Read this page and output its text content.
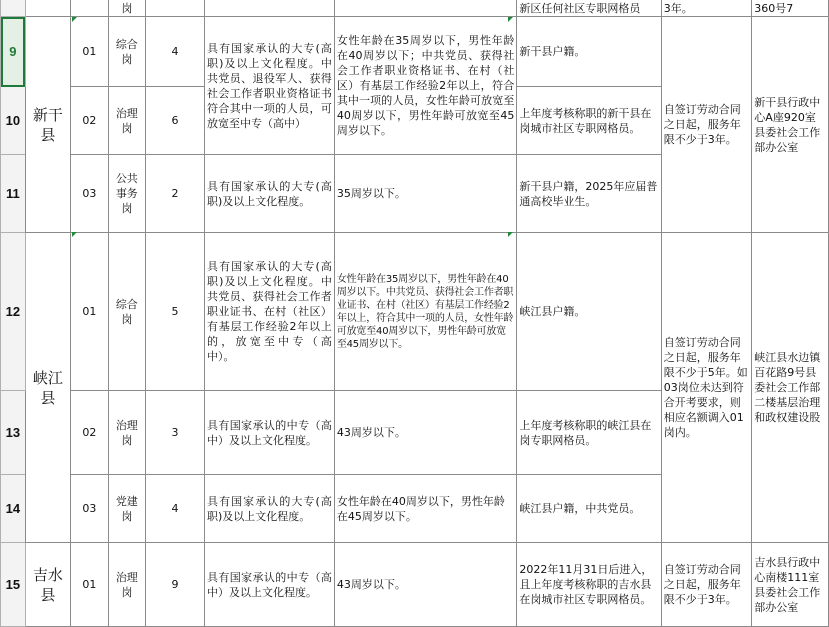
			岗				新区任何社区专职网格员	3年。	360号7

9	新干县	01	综合岗	4	具有国家承认的大专(高职)及以上文化程度。中共党员、退役军人、获得社会工作者职业资格证书符合其中一项的人员，可放宽至中专（高中）	女性年龄在35周岁以下，男性年龄在40周岁以下；中共党员、获得社会工作者职业资格证书、在村（社区）有基层工作经验2年以上，符合其中一项的人员，女性年龄可放宽至40周岁以下，男性年龄可放宽至45周岁以下。	新干县户籍。	自签订劳动合同之日起，服务年限不少于3年。	新干县行政中心A座920室县委社会工作部办公室
10		02	治理岗	6			上年度考核称职的新干县在岗城市社区专职网格员。		
11		03	公共事务岗	2	具有国家承认的大专(高职)及以上文化程度。	35周岁以下。	新干县户籍，2025年应届普通高校毕业生。		
12	峡江县	01	综合岗	5	具有国家承认的大专(高职)及以上文化程度。中共党员、获得社会工作者职业证书、在村（社区）有基层工作经验2年以上的，放宽至中专（高中）。	女性年龄在35周岁以下，男性年龄在40周岁以下。中共党员、获得社会工作者职业证书、在村（社区）有基层工作经验2年以上，符合其中一项的人员，女性年龄可放宽至40周岁以下，男性年龄可放宽至45周岁以下。	峡江县户籍。	自签订劳动合同之日起，服务年限不少于5年。如03岗位未达到符合开考要求，则相应名额调入01岗内。	峡江县水边镇百花路9号县委社会工作部二楼基层治理和政权建设股
13		02	治理岗	3	具有国家承认的中专（高中）及以上文化程度。	43周岁以下。	上年度考核称职的峡江县在岗专职网格员。		
14		03	党建岗	4	具有国家承认的大专(高职)及以上文化程度。	女性年龄在40周岁以下，男性年龄在45周岁以下。	峡江县户籍，中共党员。		
15	吉水县	01	治理岗	9	具有国家承认的中专（高中）及以上文化程度。	43周岁以下。	2022年11月31日后进入，且上年度考核称职的吉水县在岗城市社区专职网格员。	自签订劳动合同之日起，服务年限不少于3年。	吉水县行政中心南楼111室县委社会工作部办公室
